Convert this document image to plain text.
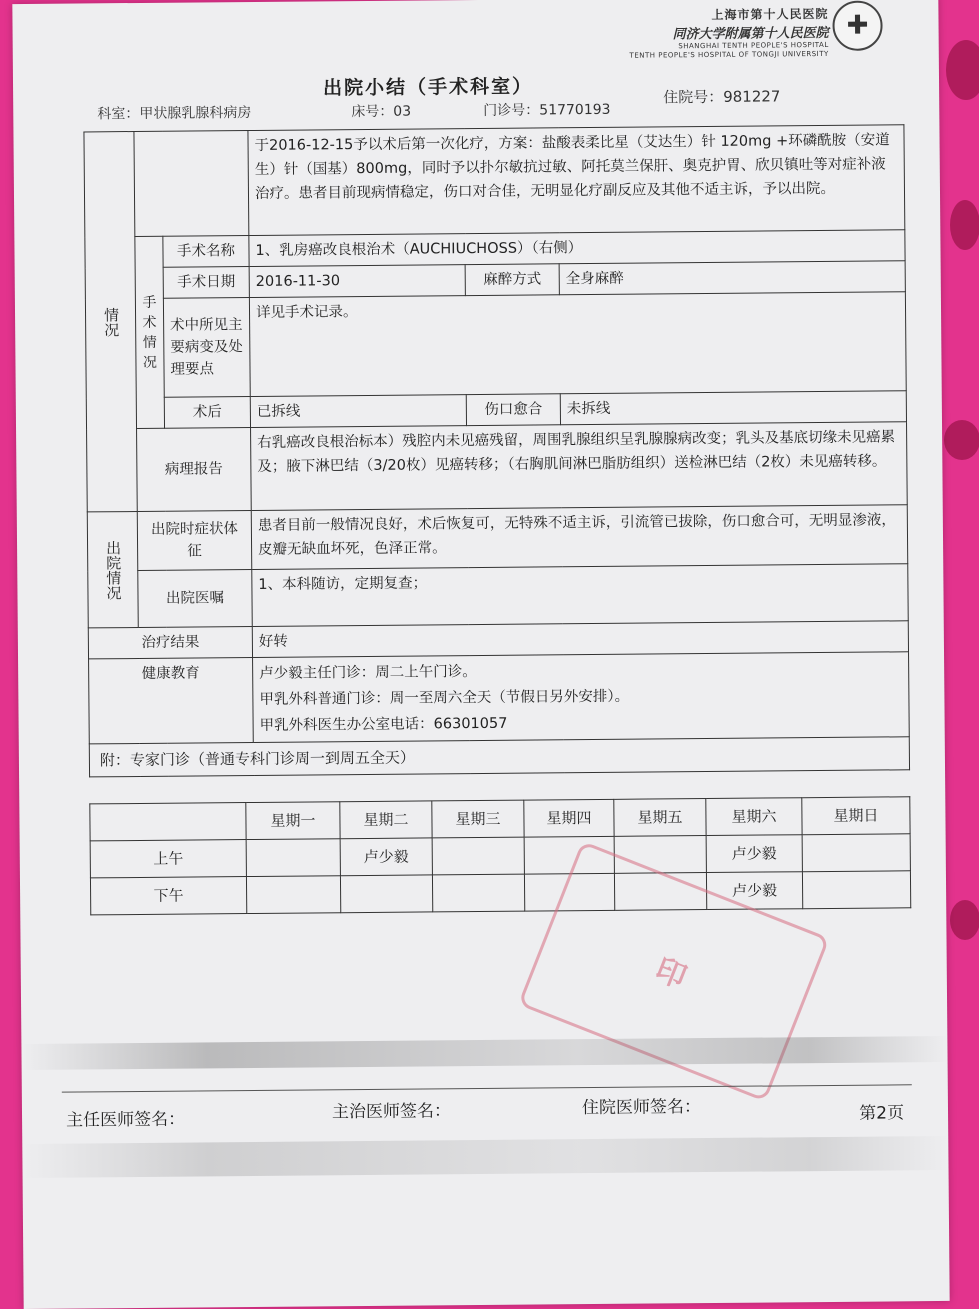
上海市第十人民医院
同济大学附属第十人民医院
SHANGHAI TENTH PEOPLE'S HOSPITAL
TENTH PEOPLE'S HOSPITAL OF TONGJI UNIVERSITY
✚
出院小结（手术科室）
科室：甲状腺乳腺科病房	床号：03	门诊号：51770193
住院号：981227
情况			于2016-12-15予以术后第一次化疗，方案：盐酸表柔比星（艾达生）针 120mg +环磷酰胺（安道生）针（国基）800mg，同时予以扑尔敏抗过敏、阿托莫兰保肝、奥克护胃、欣贝镇吐等对症补液治疗。患者目前现病情稳定，伤口对合佳，无明显化疗副反应及其他不适主诉，予以出院。		
	手术情况	手术名称	1、乳房癌改良根治术（AUCHIUCHOSS）（右侧）		
		手术日期	2016-11-30	麻醉方式	全身麻醉
		术中所见主要病变及处理要点	详见手术记录。		
		术后	已拆线	伤口愈合	未拆线
	病理报告		右乳癌改良根治标本）残腔内未见癌残留，周围乳腺组织呈乳腺腺病改变；乳头及基底切缘未见癌累及；腋下淋巴结（3/20枚）见癌转移；（右胸肌间淋巴脂肪组织）送检淋巴结（2枚）未见癌转移。		
出院情况	出院时症状体征		患者目前一般情况良好，术后恢复可，无特殊不适主诉，引流管已拔除，伤口愈合可，无明显渗液，皮瓣无缺血坏死，色泽正常。		
	出院医嘱		1、本科随访，定期复查；		
治疗结果			好转		
健康教育			卢少毅主任门诊：周二上午门诊。
甲乳外科普通门诊：周一至周六全天（节假日另外安排）。
甲乳外科医生办公室电话：66301057		

附：专家门诊（普通专科门诊周一到周五全天）					
	星期一	星期二	星期三	星期四	星期五	星期六	星期日
上午		卢少毅				卢少毅	
下午						卢少毅	
印
主任医师签名：	主治医师签名：	住院医师签名：	第2页
